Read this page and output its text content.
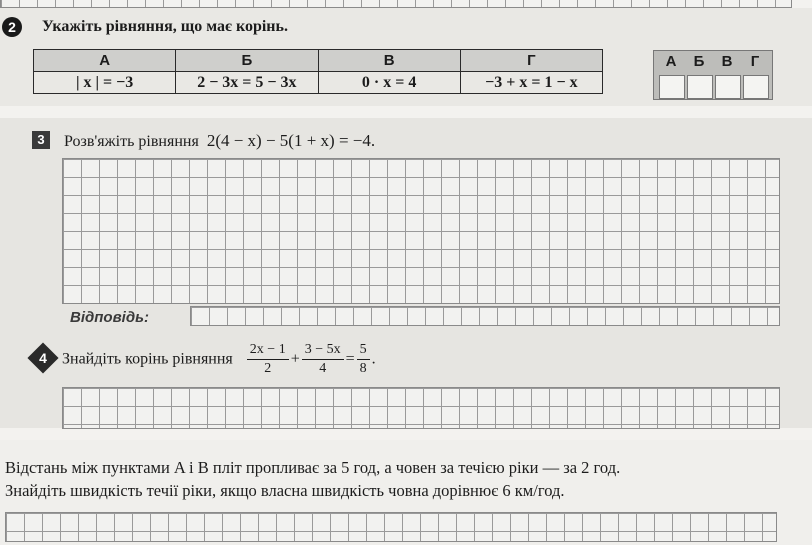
2	Укажіть рівняння, що має корінь.
А	Б	В	Г
| x | = −3	2 − 3x = 5 − 3x	0 · x = 4	−3 + x = 1 − x
А	Б	В	Г
3	Розв'яжіть рівняння 2(4 − x) − 5(1 + x) = −4.
Відповідь:
4 Знайдіть корінь рівняння $\frac{2x - 1}{2} + \frac{3 - 5x}{4} = \frac{5}{8}$ .
Відстань між пунктами A і B пліт пропливає за 5 год, а човен за течією ріки — за 2 год.
Знайдіть швидкість течії ріки, якщо власна швидкість човна дорівнює 6 км/год.
